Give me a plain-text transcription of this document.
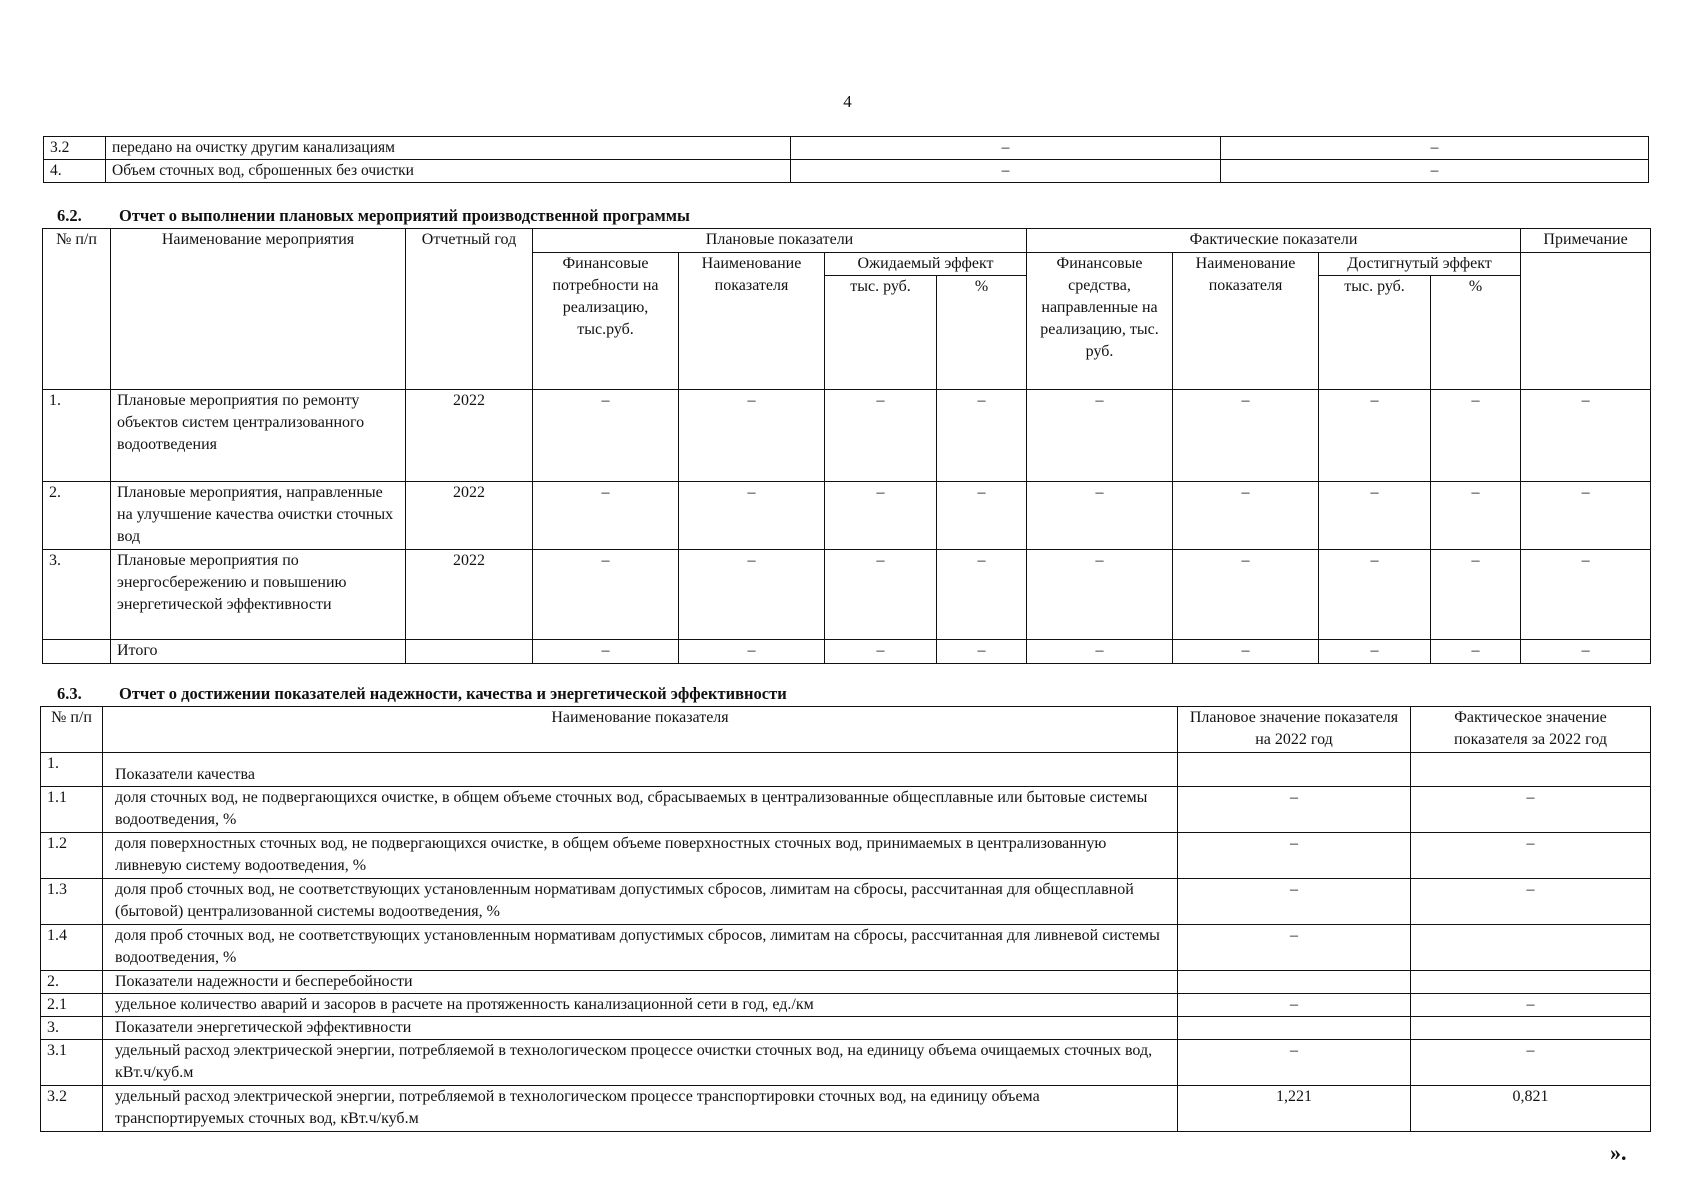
4
3.2	передано на очистку другим канализациям	–	–
4.	Объем сточных вод, сброшенных без очистки	–	–
6.2. Отчет о выполнении плановых мероприятий производственной программы
№ п/п	Наименование мероприятия	Отчетный год	Плановые показатели				Фактические показатели				Примечание
			Финансовые потребности на реализацию, тыс.руб.	Наименование показателя	Ожидаемый эффект		Финансовые средства, направленные на реализацию, тыс. руб.	Наименование показателя	Достигнутый эффект		
					тыс. руб.	%			тыс. руб.	%	
1.	Плановые мероприятия по ремонту объектов систем централизованного водоотведения	2022	–	–	–	–	–	–	–	–	–
2.	Плановые мероприятия, направленные на улучшение качества очистки сточных вод	2022	–	–	–	–	–	–	–	–	–
3.	Плановые мероприятия по энергосбережению и повышению энергетической эффективности	2022	–	–	–	–	–	–	–	–	–
	Итого		–	–	–	–	–	–	–	–	–
6.3. Отчет о достижении показателей надежности, качества и энергетической эффективности
№ п/п	Наименование показателя	Плановое значение показателя на 2022 год	Фактическое значение показателя за 2022 год
1.	Показатели качества		
1.1	доля сточных вод, не подвергающихся очистке, в общем объеме сточных вод, сбрасываемых в централизованные общесплавные или бытовые системы водоотведения, %	–	–
1.2	доля поверхностных сточных вод, не подвергающихся очистке, в общем объеме поверхностных сточных вод, принимаемых в централизованную ливневую систему водоотведения, %	–	–
1.3	доля проб сточных вод, не соответствующих установленным нормативам допустимых сбросов, лимитам на сбросы, рассчитанная для общесплавной (бытовой) централизованной системы водоотведения, %	–	–
1.4	доля проб сточных вод, не соответствующих установленным нормативам допустимых сбросов, лимитам на сбросы, рассчитанная для ливневой системы водоотведения, %	–	
2.	Показатели надежности и бесперебойности		
2.1	удельное количество аварий и засоров в расчете на протяженность канализационной сети в год, ед./км	–	–
3.	Показатели энергетической эффективности		
3.1	удельный расход электрической энергии, потребляемой в технологическом процессе очистки сточных вод, на единицу объема очищаемых сточных вод, кВт.ч/куб.м	–	–
3.2	удельный расход электрической энергии, потребляемой в технологическом процессе транспортировки сточных вод, на единицу объема транспортируемых сточных вод, кВт.ч/куб.м	1,221	0,821
».
